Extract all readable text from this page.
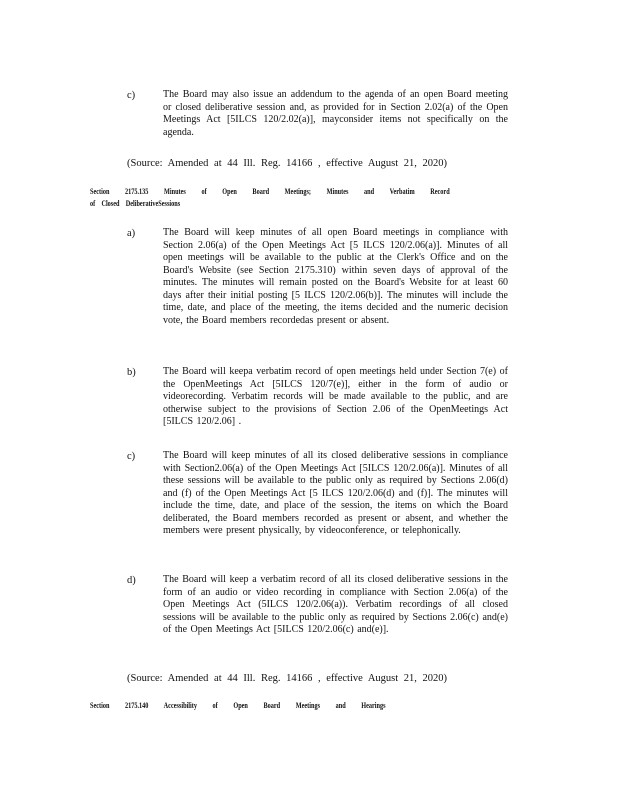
c)	The Board may also issue an addendum to the agenda of an open Board meeting or closed deliberative session and, as provided for in Section 2.02(a) of the Open Meetings Act [5ILCS 120/2.02(a)], mayconsider items not specifically on the agenda.
(Source: Amended at 44 Ill. Reg. 14166 , effective August 21, 2020)
Section 2175.135 Minutes of Open Board Meetings; Minutes and Verbatim Record
of Closed DeliberativeSessions
a)	The Board will keep minutes of all open Board meetings in compliance with Section 2.06(a) of the Open Meetings Act [5 ILCS 120/2.06(a)]. Minutes of all open meetings will be available to the public at the Clerk's Office and on the Board's Website (see Section 2175.310) within seven days of approval of the minutes. The minutes will remain posted on the Board's Website for at least 60 days after their initial posting [5 ILCS 120/2.06(b)]. The minutes will include the time, date, and place of the meeting, the items decided and the numeric decision vote, the Board members recordedas present or absent.
b)	The Board will keepa verbatim record of open meetings held under Section 7(e) of the OpenMeetings Act [5ILCS 120/7(e)], either in the form of audio or videorecording. Verbatim records will be made available to the public, and are otherwise subject to the provisions of Section 2.06 of the OpenMeetings Act [5ILCS 120/2.06] .
c)	The Board will keep minutes of all its closed deliberative sessions in compliance with Section2.06(a) of the Open Meetings Act [5ILCS 120/2.06(a)]. Minutes of all these sessions will be available to the public only as required by Sections 2.06(d) and (f) of the Open Meetings Act [5 ILCS 120/2.06(d) and (f)]. The minutes will include the time, date, and place of the session, the items on which the Board deliberated, the Board members recorded as present or absent, and whether the members were present physically, by videoconference, or telephonically.
d)	The Board will keep a verbatim record of all its closed deliberative sessions in the form of an audio or video recording in compliance with Section 2.06(a) of the Open Meetings Act (5ILCS 120/2.06(a)). Verbatim recordings of all closed sessions will be available to the public only as required by Sections 2.06(c) and(e) of the Open Meetings Act [5ILCS 120/2.06(c) and(e)].
(Source: Amended at 44 Ill. Reg. 14166 , effective August 21, 2020)
Section 2175.140 Accessibility of Open Board Meetings and Hearings
